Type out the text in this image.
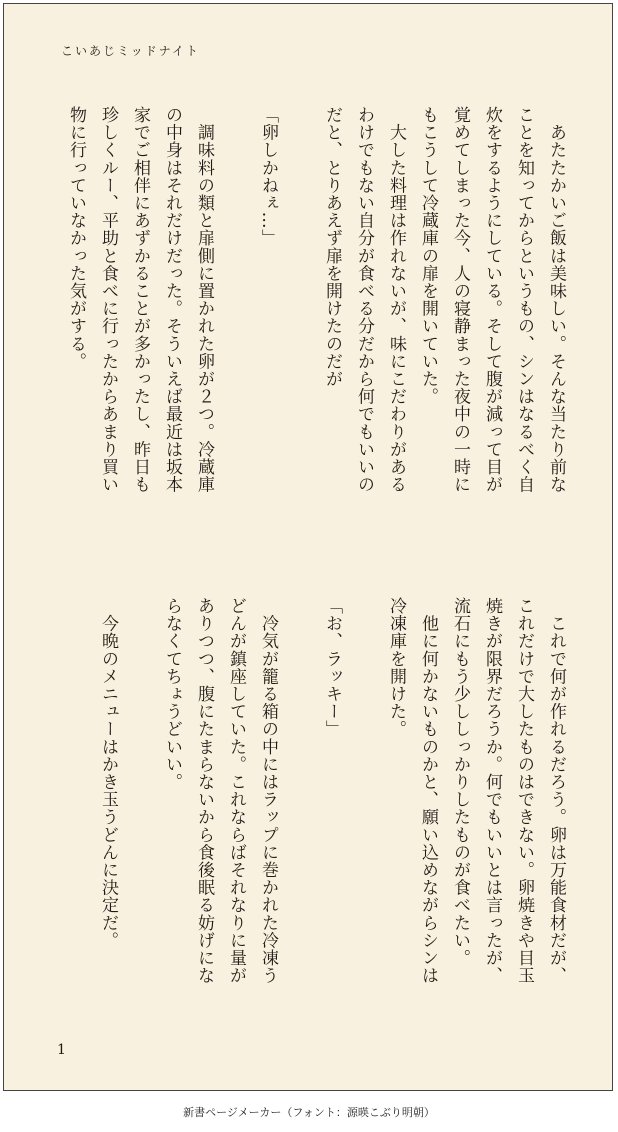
こいあじミッドナイト

　あたたかいご飯は美味しい。そんな当たり前な

ことを知ってからというもの、シンはなるべく自

炊をするようにしている。そして腹が減って目が

覚めてしまった今、人の寝静まった夜中の一時に

もこうして冷蔵庫の扉を開いていた。

　大した料理は作れないが、味にこだわりがある

わけでもない自分が食べる分だから何でもいいの

だと、とりあえず扉を開けたのだが

「卵しかねぇ…」

　調味料の類と扉側に置かれた卵が２つ。冷蔵庫

の中身はそれだけだった。そういえば最近は坂本

家でご相伴にあずかることが多かったし、昨日も

珍しくルー、平助と食べに行ったからあまり買い

物に行っていなかった気がする。

　これで何が作れるだろう。卵は万能食材だが、

これだけで大したものはできない。卵焼きや目玉

焼きが限界だろうか。何でもいいとは言ったが、

流石にもう少ししっかりしたものが食べたい。

　他に何かないものかと、願い込めながらシンは

冷凍庫を開けた。

「お、ラッキー」

　冷気が籠る箱の中にはラップに巻かれた冷凍う

どんが鎮座していた。これならばそれなりに量が

ありつつ、腹にたまらないから食後眠る妨げにな

らなくてちょうどいい。

　今晩のメニューはかき玉うどんに決定だ。

1
新書ページメーカー（フォント：源暎こぶり明朝）
